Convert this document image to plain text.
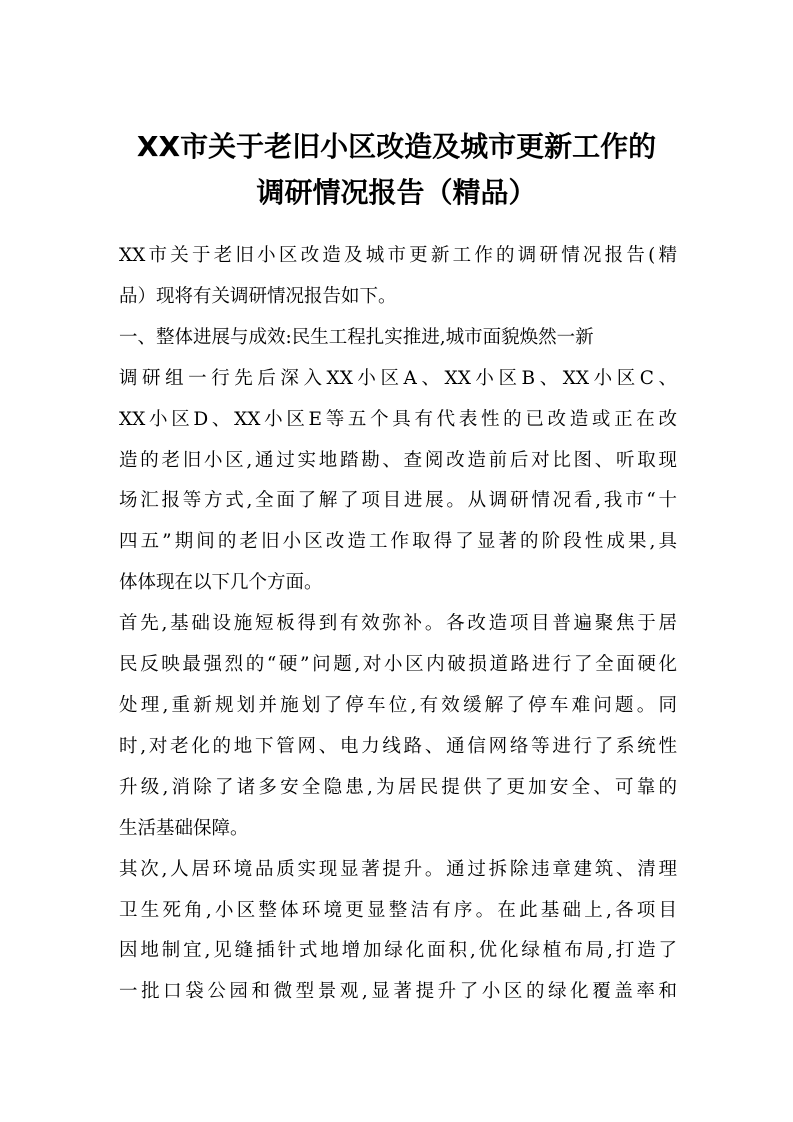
XX市关于老旧小区改造及城市更新工作的
调研情况报告（精品）

XX市关于老旧小区改造及城市更新工作的调研情况报告(精
品）现将有关调研情况报告如下。

一、整体进展与成效:民生工程扎实推进,城市面貌焕然一新

调研组一行先后深入XX小区A、XX小区B、XX小区C、
XX小区D、XX小区E等五个具有代表性的已改造或正在改
造的老旧小区,通过实地踏勘、查阅改造前后对比图、听取现
场汇报等方式,全面了解了项目进展。从调研情况看,我市“十
四五”期间的老旧小区改造工作取得了显著的阶段性成果,具
体体现在以下几个方面。

首先,基础设施短板得到有效弥补。各改造项目普遍聚焦于居
民反映最强烈的“硬”问题,对小区内破损道路进行了全面硬化
处理,重新规划并施划了停车位,有效缓解了停车难问题。同
时,对老化的地下管网、电力线路、通信网络等进行了系统性
升级,消除了诸多安全隐患,为居民提供了更加安全、可靠的
生活基础保障。

其次,人居环境品质实现显著提升。通过拆除违章建筑、清理
卫生死角,小区整体环境更显整洁有序。在此基础上,各项目
因地制宜,见缝插针式地增加绿化面积,优化绿植布局,打造了
一批口袋公园和微型景观,显著提升了小区的绿化覆盖率和
